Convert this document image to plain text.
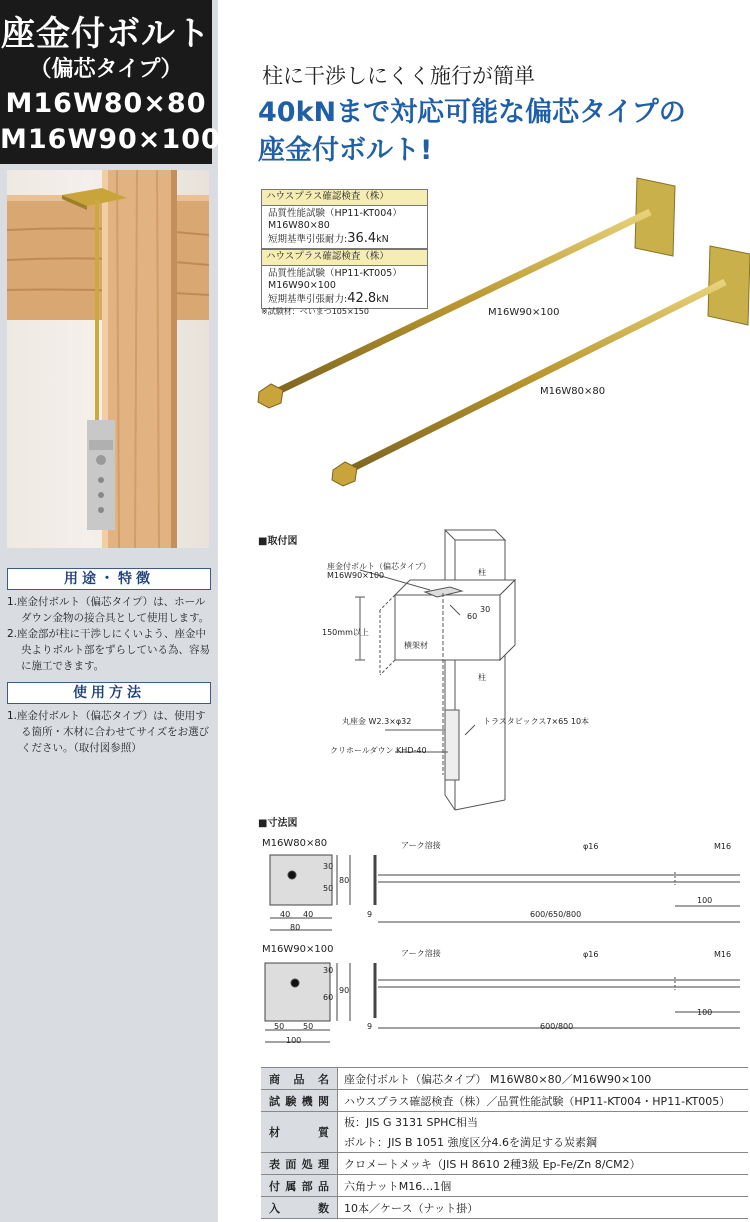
座金付ボルト
（偏芯タイプ）
M16W80×80
M16W90×100
用途・特徴

1.座金付ボルト（偏芯タイプ）は、ホールダウン金物の接合具として使用します。

2.座金部が柱に干渉しにくいよう、座金中央よりボルト部をずらしている為、容易に施工できます。

使用方法

1.座金付ボルト（偏芯タイプ）は、使用する箇所・木材に合わせてサイズをお選びください。（取付図参照）

柱に干渉しにくく施行が簡単
40kNまで対応可能な偏芯タイプの
座金付ボルト!
ハウスプラス確認検査（株）
品質性能試験（HP11-KT004）
M16W80×80
短期基準引張耐力:36.4kN
ハウスプラス確認検査（株）
品質性能試験（HP11-KT005）
M16W90×100
短期基準引張耐力:42.8kN
※試験材：べいまつ105×150	M16W90×100
M16W80×80
■取付図
座金付ボルト（偏芯タイプ）
M16W90×100
30
60
150mm以上
横架材
柱
柱
丸座金 W2.3×φ32	トラスタビックス7×65 10本
クリホールダウン KHD-40
■寸法図
M16W80×80
30
50
80
40 40
80
アーク溶接	φ16	M16
9	600/650/800
100
M16W90×100
30
60
90
50 50
100
アーク溶接	φ16	M16
9	600/800
100
商品名	座金付ボルト（偏芯タイプ） M16W80×80／M16W90×100
試験機関	ハウスプラス確認検査（株）／品質性能試験（HP11-KT004・HP11-KT005）
材質	板：JIS G 3131 SPHC相当
ボルト：JIS B 1051 強度区分4.6を満足する炭素鋼

表面処理	クロメートメッキ（JIS H 8610 2種3級 Ep-Fe/Zn 8/CM2）
付属部品	六角ナットM16…1個
入数	10本／ケース（ナット掛）
